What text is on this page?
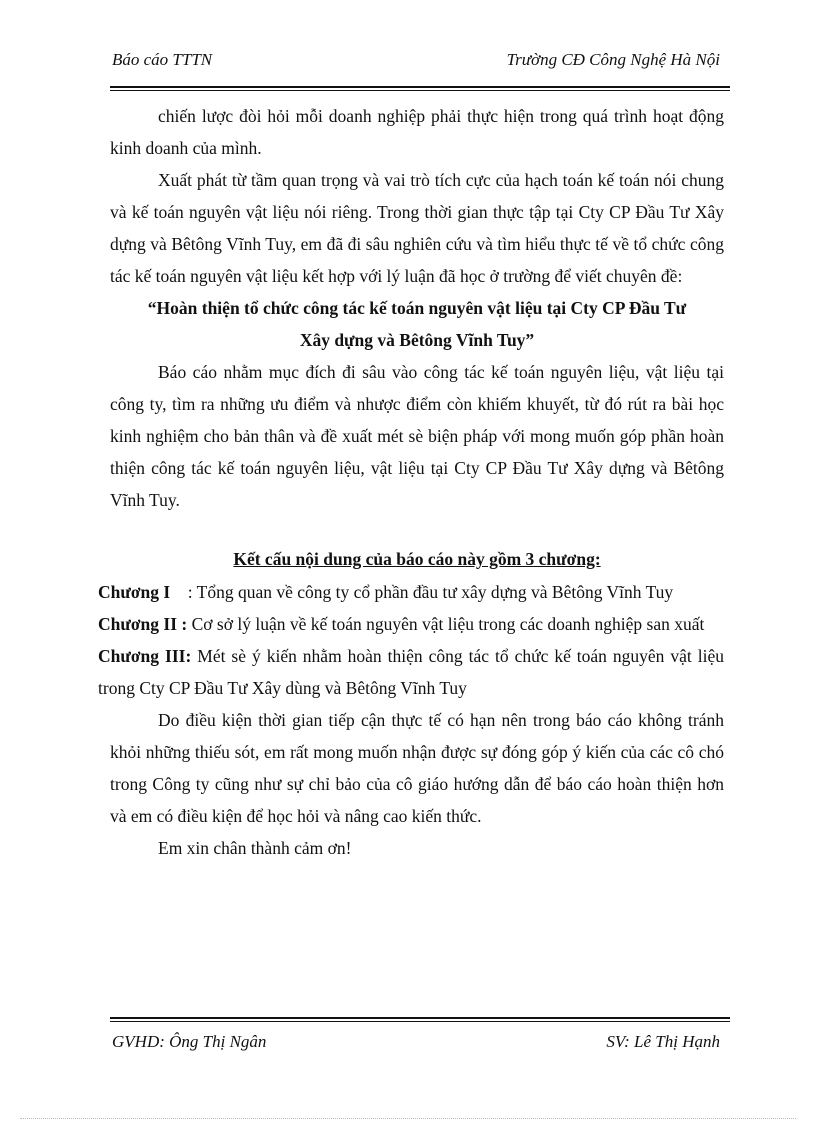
Báo cáo TTTN	Trường CĐ Công Nghệ Hà Nội

chiến lược đòi hỏi mỗi doanh nghiệp phải thực hiện trong quá trình hoạt động kinh doanh của mình.

Xuất phát từ tầm quan trọng và vai trò tích cực của hạch toán kế toán nói chung và kế toán nguyên vật liệu nói riêng. Trong thời gian thực tập tại Cty CP Đầu Tư Xây dựng và Bêtông Vĩnh Tuy, em đã đi sâu nghiên cứu và tìm hiểu thực tế về tổ chức công tác kế toán nguyên vật liệu kết hợp với lý luận đã học ở trường để viết chuyên đề:

“Hoàn thiện tổ chức công tác kế toán nguyên vật liệu tại Cty CP Đầu Tư

Xây dựng và Bêtông Vĩnh Tuy”

Báo cáo nhằm mục đích đi sâu vào công tác kế toán nguyên liệu, vật liệu tại công ty, tìm ra những ưu điểm và nhược điểm còn khiếm khuyết, từ đó rút ra bài học kinh nghiệm cho bản thân và đề xuất mét sè biện pháp với mong muốn góp phần hoàn thiện công tác kế toán nguyên liệu, vật liệu tại Cty CP Đầu Tư Xây dựng và Bêtông Vĩnh Tuy.

Kết cấu nội dung của báo cáo này gồm 3 chương:

Chương I : Tổng quan về công ty cổ phần đầu tư xây dựng và Bêtông Vĩnh Tuy

Chương II : Cơ sở lý luận về kế toán nguyên vật liệu trong các doanh nghiệp san xuất

Chương III: Mét sè ý kiến nhằm hoàn thiện công tác tổ chức kế toán nguyên vật liệu trong Cty CP Đầu Tư Xây dùng và Bêtông Vĩnh Tuy

Do điều kiện thời gian tiếp cận thực tế có hạn nên trong báo cáo không tránh khỏi những thiếu sót, em rất mong muốn nhận được sự đóng góp ý kiến của các cô chó trong Công ty cũng như sự chỉ bảo của cô giáo hướng dẫn để báo cáo hoàn thiện hơn và em có điều kiện để học hỏi và nâng cao kiến thức.

Em xin chân thành cảm ơn!

GVHD: Ông Thị Ngân	SV: Lê Thị Hạnh
